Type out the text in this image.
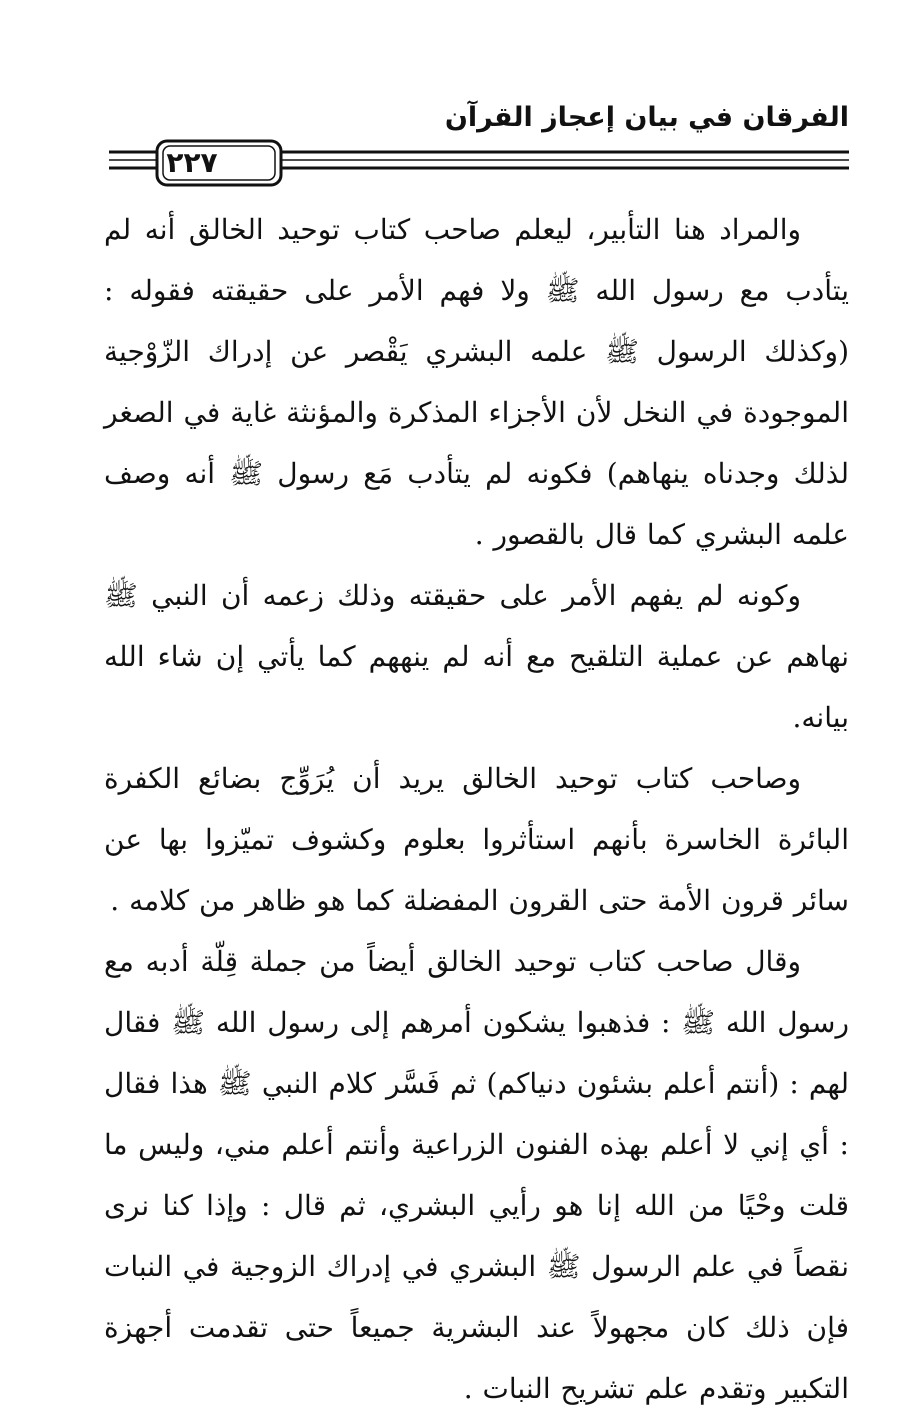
الفرقان في بيان إعجاز القرآن
٢٢٧

والمراد هنا التأبير، ليعلم صاحب كتاب توحيد الخالق أنه لم يتأدب مع رسول الله ﷺ ولا فهم الأمر على حقيقته فقوله : (وكذلك الرسول ﷺ علمه البشري يَقْصر عن إدراك الزّوْجية الموجودة في النخل لأن الأجزاء المذكرة والمؤنثة غاية في الصغر لذلك وجدناه ينهاهم) فكونه لم يتأدب مَع رسول ﷺ أنه وصف علمه البشري كما قال بالقصور .

وكونه لم يفهم الأمر على حقيقته وذلك زعمه أن النبي ﷺ نهاهم عن عملية التلقيح مع أنه لم ينههم كما يأتي إن شاء الله بيانه.

وصاحب كتاب توحيد الخالق يريد أن يُرَوِّج بضائع الكفرة البائرة الخاسرة بأنهم استأثروا بعلوم وكشوف تميّزوا بها عن سائر قرون الأمة حتى القرون المفضلة كما هو ظاهر من كلامه .

وقال صاحب كتاب توحيد الخالق أيضاً من جملة قِلّة أدبه مع رسول الله ﷺ : فذهبوا يشكون أمرهم إلى رسول الله ﷺ فقال لهم : (أنتم أعلم بشئون دنياكم) ثم فَسَّر كلام النبي ﷺ هذا فقال : أي إني لا أعلم بهذه الفنون الزراعية وأنتم أعلم مني، وليس ما قلت وحْيًا من الله إنا هو رأيي البشري، ثم قال : وإذا كنا نرى نقصاً في علم الرسول ﷺ البشري في إدراك الزوجية في النبات فإن ذلك كان مجهولاً عند البشرية جميعاً حتى تقدمت أجهزة التكبير وتقدم علم تشريح النبات .
